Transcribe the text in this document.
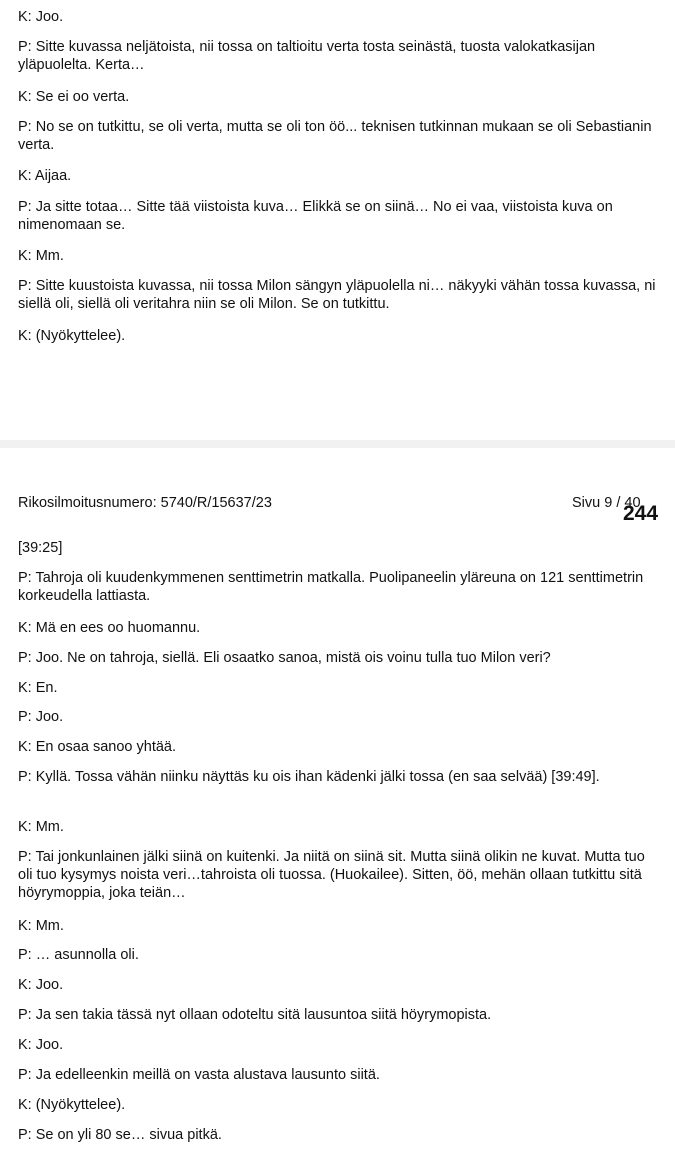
K: Joo.

P: Sitte kuvassa neljätoista, nii tossa on taltioitu verta tosta seinästä, tuosta valokatkasijan yläpuolelta. Kerta…

K: Se ei oo verta.

P: No se on tutkittu, se oli verta, mutta se oli ton öö... teknisen tutkinnan mukaan se oli Sebastianin verta.

K: Aijaa.

P: Ja sitte totaa… Sitte tää viistoista kuva… Elikkä se on siinä… No ei vaa, viistoista kuva on nimenomaan se.

K: Mm.

P: Sitte kuustoista kuvassa, nii tossa Milon sängyn yläpuolella ni… näkyyki vähän tossa kuvassa, ni siellä oli, siellä oli veritahra niin se oli Milon. Se on tutkittu.

K: (Nyökyttelee).

Rikosilmoitusnumero: 5740/R/15637/23	Sivu 9 / 40
244

[39:25]

P: Tahroja oli kuudenkymmenen senttimetrin matkalla. Puolipaneelin yläreuna on 121 senttimetrin korkeudella lattiasta.

K: Mä en ees oo huomannu.

P: Joo. Ne on tahroja, siellä. Eli osaatko sanoa, mistä ois voinu tulla tuo Milon veri?

K: En.

P: Joo.

K: En osaa sanoo yhtää.

P: Kyllä. Tossa vähän niinku näyttäs ku ois ihan kädenki jälki tossa (en saa selvää) [39:49].

K: Mm.

P: Tai jonkunlainen jälki siinä on kuitenki. Ja niitä on siinä sit. Mutta siinä olikin ne kuvat. Mutta tuo oli tuo kysymys noista veri…tahroista oli tuossa. (Huokailee). Sitten, öö, mehän ollaan tutkittu sitä höyrymoppia, joka teiän…

K: Mm.

P: … asunnolla oli.

K: Joo.

P: Ja sen takia tässä nyt ollaan odoteltu sitä lausuntoa siitä höyrymopista.

K: Joo.

P: Ja edelleenkin meillä on vasta alustava lausunto siitä.

K: (Nyökyttelee).

P: Se on yli 80 se… sivua pitkä.
